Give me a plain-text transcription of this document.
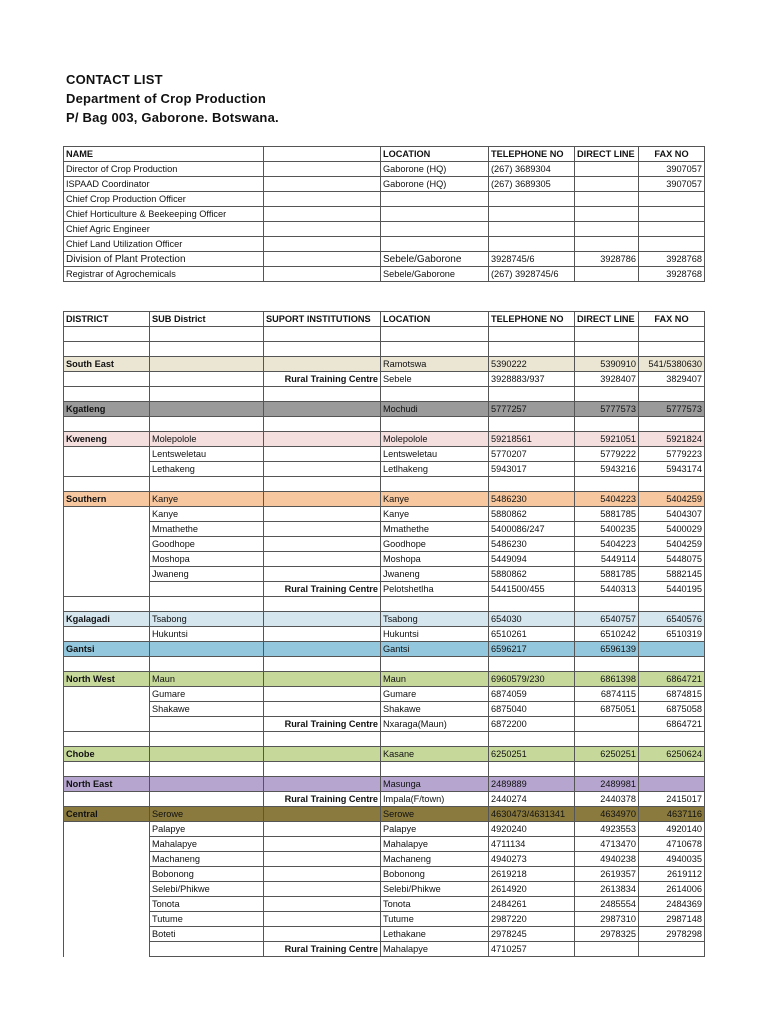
CONTACT LIST
Department of Crop Production
P/ Bag 003, Gaborone. Botswana.
NAME		LOCATION	TELEPHONE NO	DIRECT LINE	FAX NO
Director of Crop Production		Gaborone (HQ)	(267) 3689304		3907057
ISPAAD Coordinator		Gaborone (HQ)	(267) 3689305		3907057
Chief Crop Production Officer					
Chief Horticulture & Beekeeping Officer					
Chief Agric Engineer					
Chief Land Utilization Officer					
Division of Plant Protection		Sebele/Gaborone	3928745/6	3928786	3928768
Registrar of Agrochemicals		Sebele/Gaborone	(267) 3928745/6		3928768
DISTRICT	SUB District	SUPORT INSTITUTIONS	LOCATION	TELEPHONE NO	DIRECT LINE	FAX NO

South East			Ramotswa	5390222	5390910	541/5380630
		Rural Training Centre	Sebele	3928883/937	3928407	3829407

Kgatleng			Mochudi	5777257	5777573	5777573

Kweneng	Molepolole		Molepolole	59218561	5921051	5921824
	Lentsweletau		Lentsweletau	5770207	5779222	5779223
	Lethakeng		Letlhakeng	5943017	5943216	5943174

Southern	Kanye		Kanye	5486230	5404223	5404259
	Kanye		Kanye	5880862	5881785	5404307
	Mmathethe		Mmathethe	5400086/247	5400235	5400029
	Goodhope		Goodhope	5486230	5404223	5404259
	Moshopa		Moshopa	5449094	5449114	5448075
	Jwaneng		Jwaneng	5880862	5881785	5882145
		Rural Training Centre	Pelotshetlha	5441500/455	5440313	5440195

Kgalagadi	Tsabong		Tsabong	654030	6540757	6540576
	Hukuntsi		Hukuntsi	6510261	6510242	6510319
Gantsi			Gantsi	6596217	6596139	

North West	Maun		Maun	6960579/230	6861398	6864721
	Gumare		Gumare	6874059	6874115	6874815
	Shakawe		Shakawe	6875040	6875051	6875058
		Rural Training Centre	Nxaraga(Maun)	6872200		6864721

Chobe			Kasane	6250251	6250251	6250624

North East			Masunga	2489889	2489981	
		Rural Training Centre	Impala(F/town)	2440274	2440378	2415017
Central	Serowe		Serowe	4630473/4631341	4634970	4637116
	Palapye		Palapye	4920240	4923553	4920140
	Mahalapye		Mahalapye	4711134	4713470	4710678
	Machaneng		Machaneng	4940273	4940238	4940035
	Bobonong		Bobonong	2619218	2619357	2619112
	Selebi/Phikwe		Selebi/Phikwe	2614920	2613834	2614006
	Tonota		Tonota	2484261	2485554	2484369
	Tutume		Tutume	2987220	2987310	2987148
	Boteti		Lethakane	2978245	2978325	2978298
		Rural Training Centre	Mahalapye	4710257		
